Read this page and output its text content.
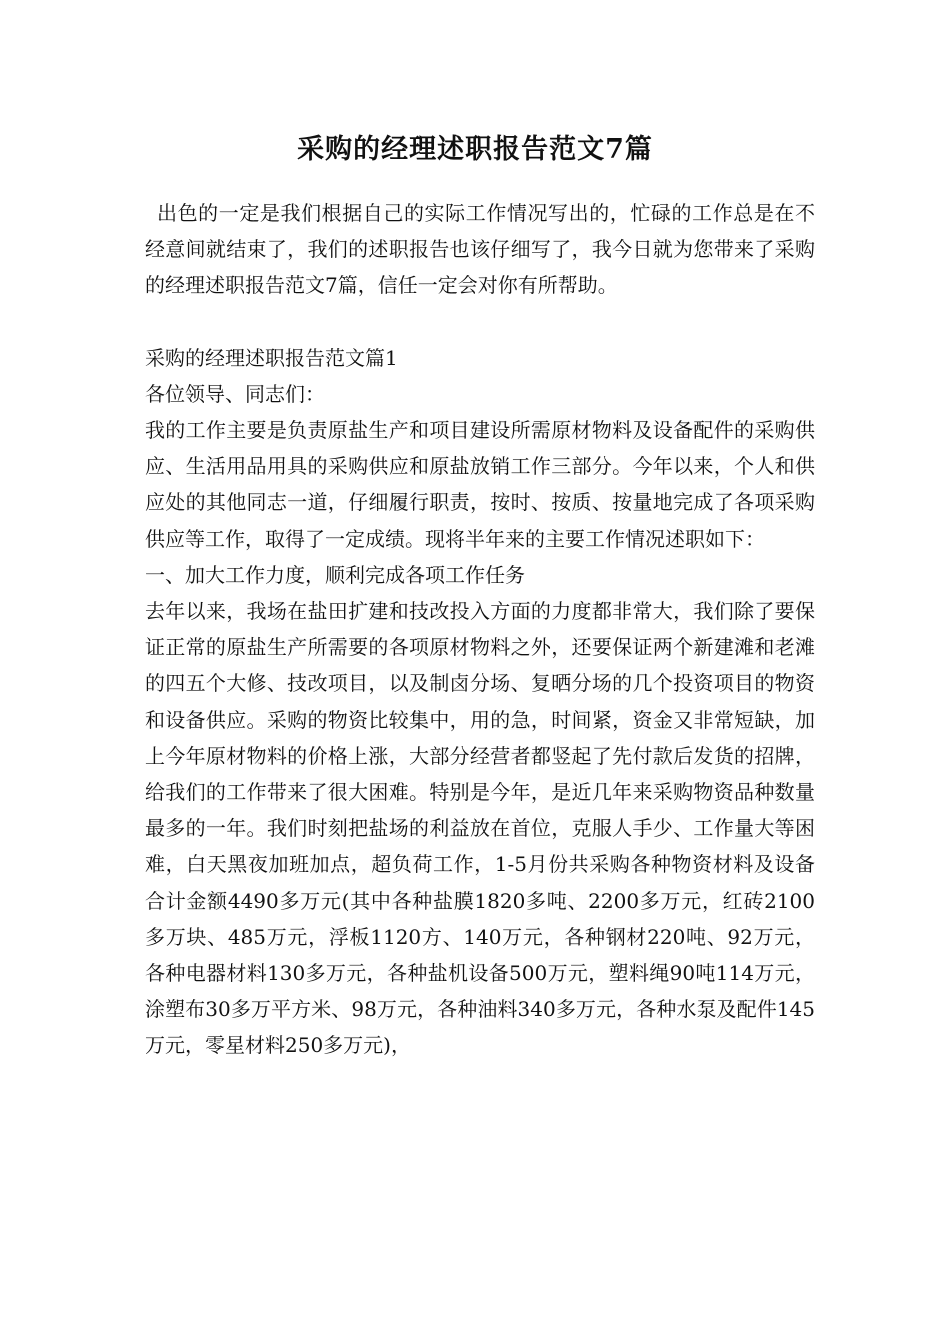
采购的经理述职报告范文7篇

出色的一定是我们根据自己的实际工作情况写出的，忙碌的工作总是在不经意间就结束了，我们的述职报告也该仔细写了，我今日就为您带来了采购的经理述职报告范文7篇，信任一定会对你有所帮助。

采购的经理述职报告范文篇1

各位领导、同志们：

我的工作主要是负责原盐生产和项目建设所需原材物料及设备配件的采购供应、生活用品用具的采购供应和原盐放销工作三部分。今年以来，个人和供应处的其他同志一道，仔细履行职责，按时、按质、按量地完成了各项采购供应等工作，取得了一定成绩。现将半年来的主要工作情况述职如下：

一、加大工作力度，顺利完成各项工作任务

去年以来，我场在盐田扩建和技改投入方面的力度都非常大，我们除了要保证正常的原盐生产所需要的各项原材物料之外，还要保证两个新建滩和老滩的四五个大修、技改项目，以及制卤分场、复晒分场的几个投资项目的物资和设备供应。采购的物资比较集中，用的急，时间紧，资金又非常短缺，加上今年原材物料的价格上涨，大部分经营者都竖起了先付款后发货的招牌，给我们的工作带来了很大困难。特别是今年，是近几年来采购物资品种数量最多的一年。我们时刻把盐场的利益放在首位，克服人手少、工作量大等困难，白天黑夜加班加点，超负荷工作，1-5月份共采购各种物资材料及设备合计金额4490多万元(其中各种盐膜1820多吨、2200多万元，红砖2100多万块、485万元，浮板1120方、140万元，各种钢材220吨、92万元，各种电器材料130多万元，各种盐机设备500万元，塑料绳90吨114万元，涂塑布30多万平方米、98万元，各种油料340多万元，各种水泵及配件145万元，零星材料250多万元)，
